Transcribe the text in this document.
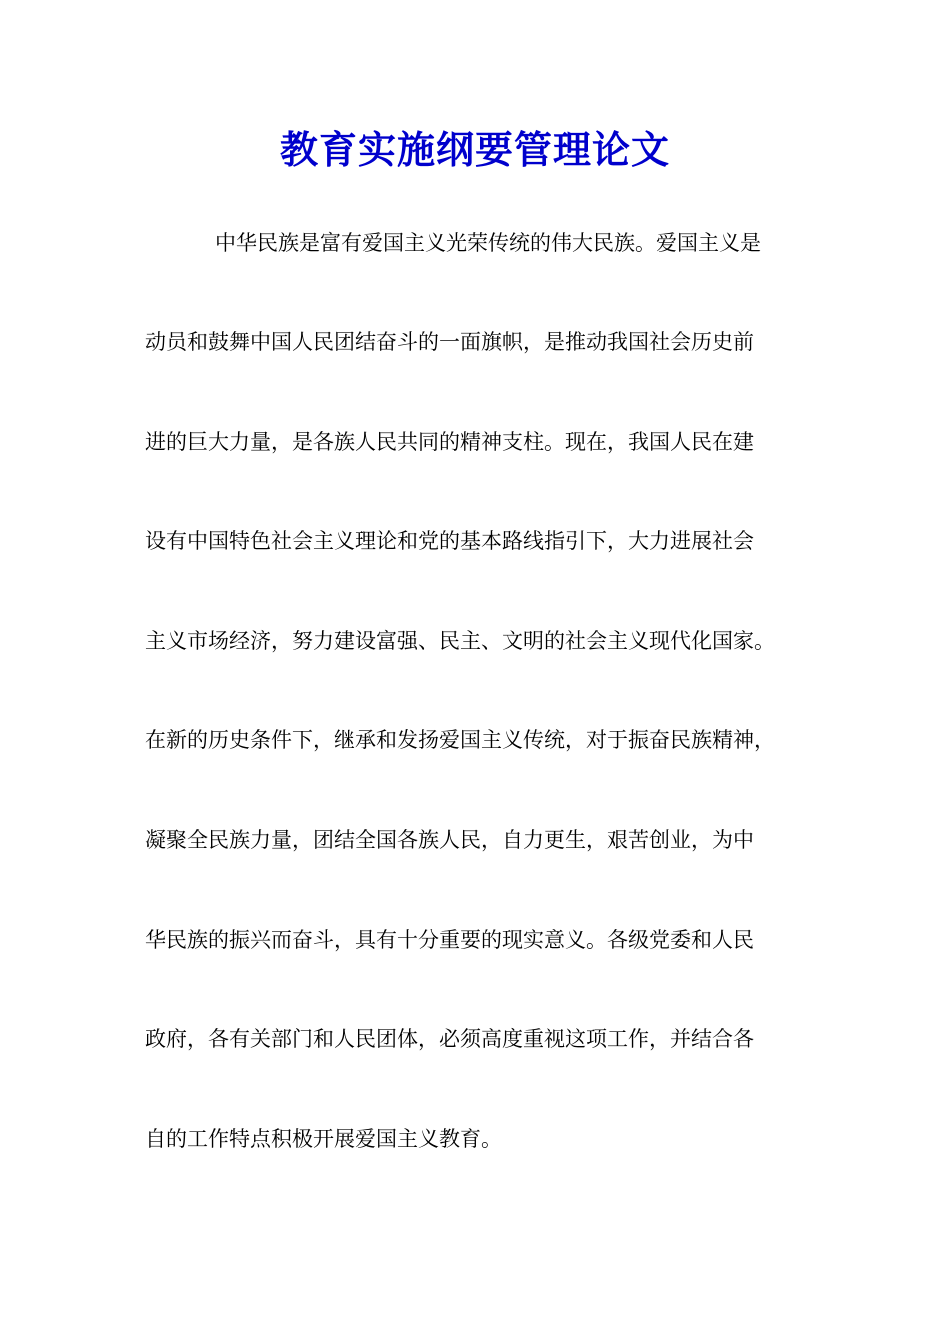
教育实施纲要管理论文

中华民族是富有爱国主义光荣传统的伟大民族。爱国主义是

动员和鼓舞中国人民团结奋斗的一面旗帜，是推动我国社会历史前

进的巨大力量，是各族人民共同的精神支柱。现在，我国人民在建

设有中国特色社会主义理论和党的基本路线指引下，大力进展社会

主义市场经济，努力建设富强、民主、文明的社会主义现代化国家。

在新的历史条件下，继承和发扬爱国主义传统，对于振奋民族精神，

凝聚全民族力量，团结全国各族人民，自力更生，艰苦创业，为中

华民族的振兴而奋斗，具有十分重要的现实意义。各级党委和人民

政府，各有关部门和人民团体，必须高度重视这项工作，并结合各

自的工作特点积极开展爱国主义教育。
